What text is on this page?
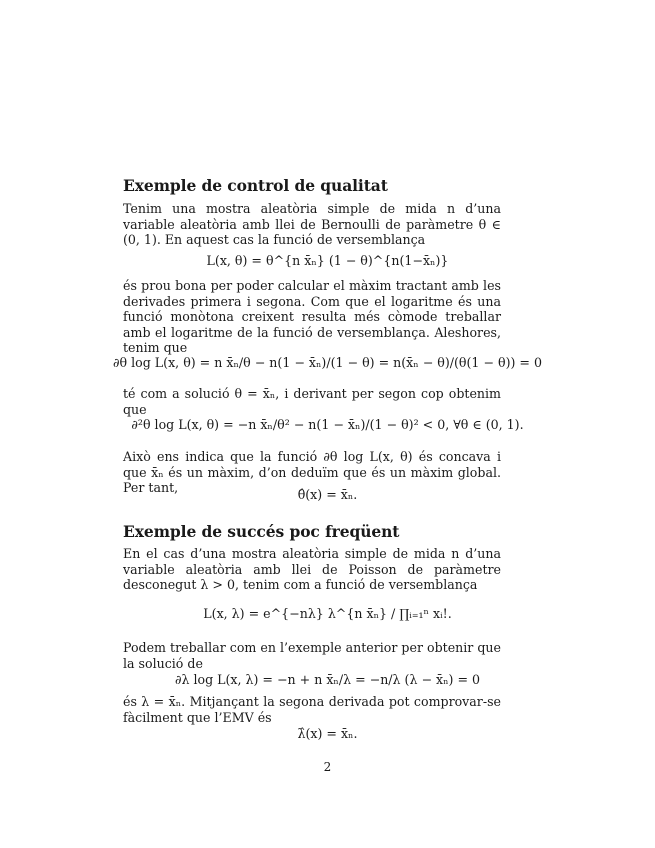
Exemple de control de qualitat

Tenim una mostra aleatòria simple de mida n d’una variable aleatòria amb llei de Bernoulli de paràmetre θ ∈ (0, 1). En aquest cas la funció de versemblança

L(x, θ) = θ^{n x̄ₙ} (1 − θ)^{n(1−x̄ₙ)}

és prou bona per poder calcular el màxim tractant amb les derivades primera i segona. Com que el logaritme és una funció monòtona creixent resulta més còmode treballar amb el logaritme de la funció de versemblança. Aleshores, tenim que

∂θ log L(x, θ) = n x̄ₙ/θ − n(1 − x̄ₙ)/(1 − θ) = n(x̄ₙ − θ)/(θ(1 − θ)) = 0

té com a solució θ = x̄ₙ, i derivant per segon cop obtenim que

∂²θ log L(x, θ) = −n x̄ₙ/θ² − n(1 − x̄ₙ)/(1 − θ)² < 0, ∀θ ∈ (0, 1).

Això ens indica que la funció ∂θ log L(x, θ) és concava i que x̄ₙ és un màxim, d’on deduïm que és un màxim global. Per tant,	θ̂(x) = x̄ₙ.
Exemple de succés poc freqüent

En el cas d’una mostra aleatòria simple de mida n d’una variable aleatòria amb llei de Poisson de paràmetre desconegut λ > 0, tenim com a funció de versemblança

L(x, λ) = e^{−nλ} λ^{n x̄ₙ} / ∏ᵢ₌₁ⁿ xᵢ!.

Podem treballar com en l’exemple anterior per obtenir que la solució de

∂λ log L(x, λ) = −n + n x̄ₙ/λ = −n/λ (λ − x̄ₙ) = 0

és λ = x̄ₙ. Mitjançant la segona derivada pot comprovar-se fàcilment que l’EMV és

λ̂(x) = x̄ₙ.
2
